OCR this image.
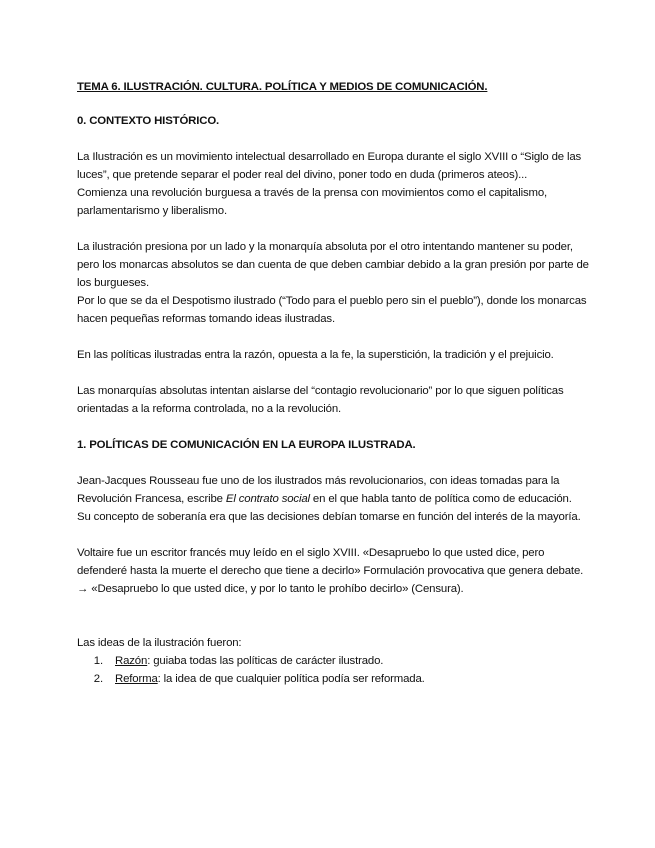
TEMA 6. ILUSTRACIÓN. CULTURA. POLÍTICA Y MEDIOS DE COMUNICACIÓN.
0. CONTEXTO HISTÓRICO.

La Ilustración es un movimiento intelectual desarrollado en Europa durante el siglo XVIII o “Siglo de las luces”, que pretende separar el poder real del divino, poner todo en duda (primeros ateos)...

Comienza una revolución burguesa a través de la prensa con movimientos como el capitalismo, parlamentarismo y liberalismo.

La ilustración presiona por un lado y la monarquía absoluta por el otro intentando mantener su poder, pero los monarcas absolutos se dan cuenta de que deben cambiar debido a la gran presión por parte de los burgueses.

Por lo que se da el Despotismo ilustrado (“Todo para el pueblo pero sin el pueblo”), donde los monarcas hacen pequeñas reformas tomando ideas ilustradas.

En las políticas ilustradas entra la razón, opuesta a la fe, la superstición, la tradición y el prejuicio.

Las monarquías absolutas intentan aislarse del “contagio revolucionario” por lo que siguen políticas orientadas a la reforma controlada, no a la revolución.

1. POLÍTICAS DE COMUNICACIÓN EN LA EUROPA ILUSTRADA.

Jean-Jacques Rousseau fue uno de los ilustrados más revolucionarios, con ideas tomadas para la Revolución Francesa, escribe El contrato social en el que habla tanto de política como de educación.

Su concepto de soberanía era que las decisiones debían tomarse en función del interés de la mayoría.

Voltaire fue un escritor francés muy leído en el siglo XVIII. «Desapruebo lo que usted dice, pero defenderé hasta la muerte el derecho que tiene a decirlo» Formulación provocativa que genera debate. → «Desapruebo lo que usted dice, y por lo tanto le prohíbo decirlo» (Censura).

Las ideas de la ilustración fueron:

1.	Razón: guiaba todas las políticas de carácter ilustrado.
2.	Reforma: la idea de que cualquier política podía ser reformada.
